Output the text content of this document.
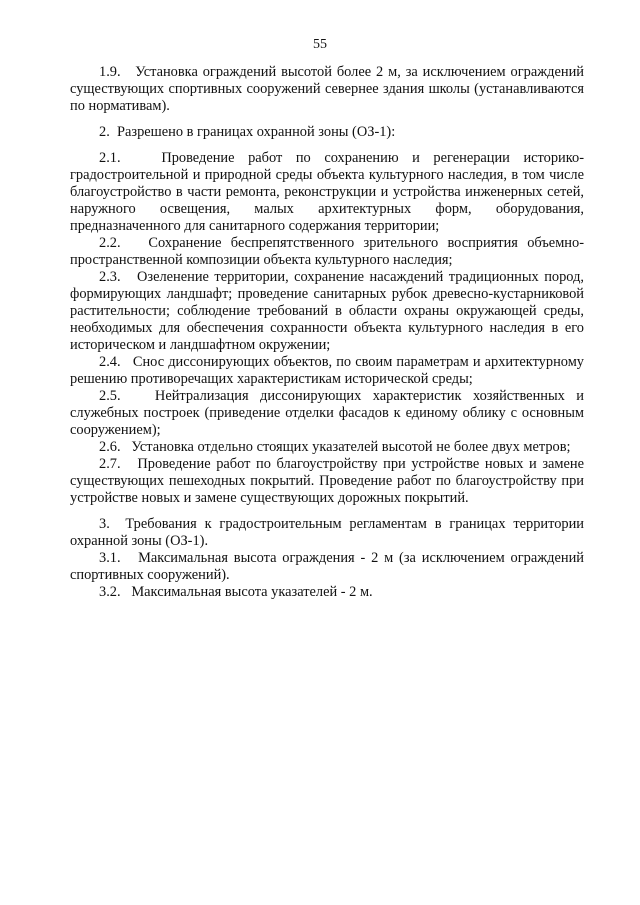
55

1.9.   Установка ограждений высотой более 2 м, за исключением ограждений существующих спортивных сооружений севернее здания школы (устанавливаются по нормативам).

2.  Разрешено в границах охранной зоны (ОЗ-1):

2.1.   Проведение работ по сохранению и регенерации историко-градостроительной и природной среды объекта культурного наследия, в том числе благоустройство в части ремонта, реконструкции и устройства инженерных сетей, наружного освещения, малых архитектурных форм, оборудования, предназначенного для санитарного содержания территории;

2.2.   Сохранение беспрепятственного зрительного восприятия объемно-пространственной композиции объекта культурного наследия;

2.3.   Озеленение территории, сохранение насаждений традиционных пород, формирующих ландшафт; проведение санитарных рубок древесно-кустарниковой растительности; соблюдение требований в области охраны окружающей среды, необходимых для обеспечения сохранности объекта культурного наследия в его историческом и ландшафтном окружении;

2.4.   Снос диссонирующих объектов, по своим параметрам и архитектурному решению противоречащих характеристикам исторической среды;

2.5.   Нейтрализация диссонирующих характеристик хозяйственных и служебных построек (приведение отделки фасадов к единому облику с основным сооружением);

2.6.   Установка отдельно стоящих указателей высотой не более двух метров;

2.7.   Проведение работ по благоустройству при устройстве новых и замене существующих пешеходных покрытий. Проведение работ по благоустройству при устройстве новых и замене существующих дорожных покрытий.

3.  Требования к градостроительным регламентам в границах территории охранной зоны (ОЗ-1).

3.1.   Максимальная высота ограждения - 2 м (за исключением ограждений спортивных сооружений).

3.2.   Максимальная высота указателей - 2 м.
